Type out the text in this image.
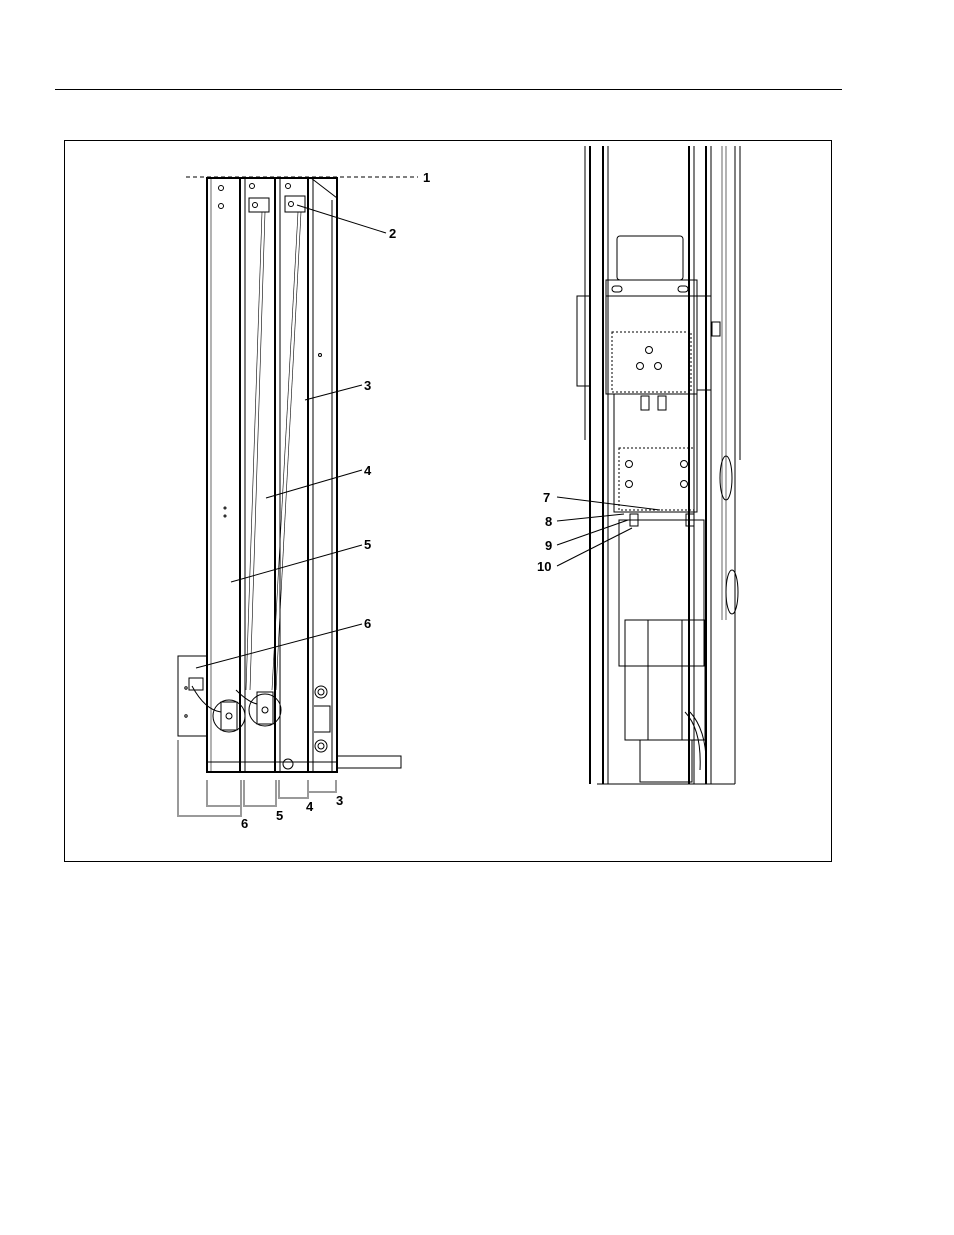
1
2
3
4
5
6
3
4
5
6
7
8
9
10
